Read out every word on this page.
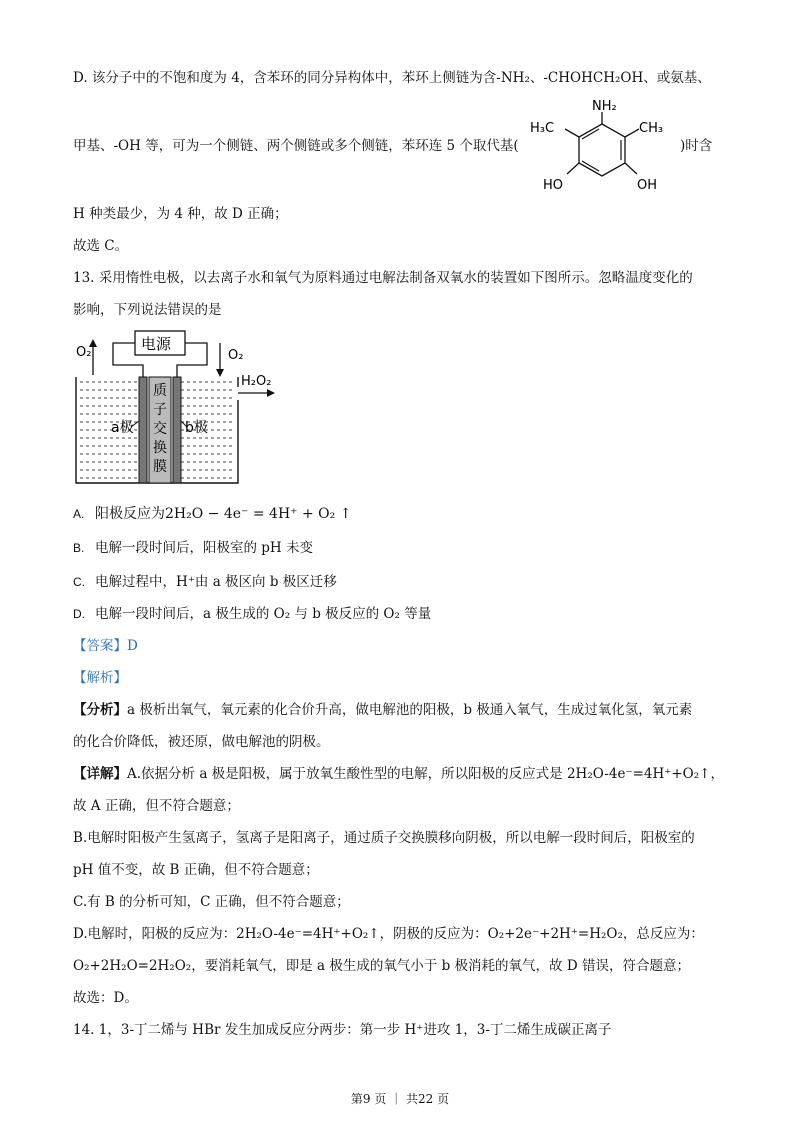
D. 该分子中的不饱和度为 4，含苯环的同分异构体中，苯环上侧链为含-NH₂、-CHOHCH₂OH、或氨基、
NH₂
H₃C	CH₃
HO	OH
甲基、-OH 等，可为一个侧链、两个侧链或多个侧链，苯环连 5 个取代基(	)时含
H 种类最少，为 4 种，故 D 正确；
故选 C。
13. 采用惰性电极，以去离子水和氧气为原料通过电解法制备双氧水的装置如下图所示。忽略温度变化的
影响，下列说法错误的是
电源
O₂	O₂
H₂O₂
质
子
交
换
膜
a极	b极
A. 阳极反应为2H₂O − 4e⁻ = 4H⁺ + O₂ ↑
B. 电解一段时间后，阳极室的 pH 未变
C. 电解过程中，H⁺由 a 极区向 b 极区迁移
D. 电解一段时间后，a 极生成的 O₂ 与 b 极反应的 O₂ 等量
【答案】D
【解析】
【分析】a 极析出氧气，氧元素的化合价升高，做电解池的阳极，b 极通入氧气，生成过氧化氢，氧元素
的化合价降低，被还原，做电解池的阴极。
【详解】A.依据分析 a 极是阳极，属于放氧生酸性型的电解，所以阳极的反应式是 2H₂O-4e⁻=4H⁺+O₂↑，
故 A 正确，但不符合题意；
B.电解时阳极产生氢离子，氢离子是阳离子，通过质子交换膜移向阴极，所以电解一段时间后，阳极室的
pH 值不变，故 B 正确，但不符合题意；
C.有 B 的分析可知，C 正确，但不符合题意；
D.电解时，阳极的反应为：2H₂O-4e⁻=4H⁺+O₂↑，阴极的反应为：O₂+2e⁻+2H⁺=H₂O₂，总反应为：
O₂+2H₂O=2H₂O₂，要消耗氧气，即是 a 极生成的氧气小于 b 极消耗的氧气，故 D 错误，符合题意；
故选：D。
14. 1，3-丁二烯与 HBr 发生加成反应分两步：第一步 H⁺进攻 1，3-丁二烯生成碳正离子
第9 页 ｜ 共22 页
